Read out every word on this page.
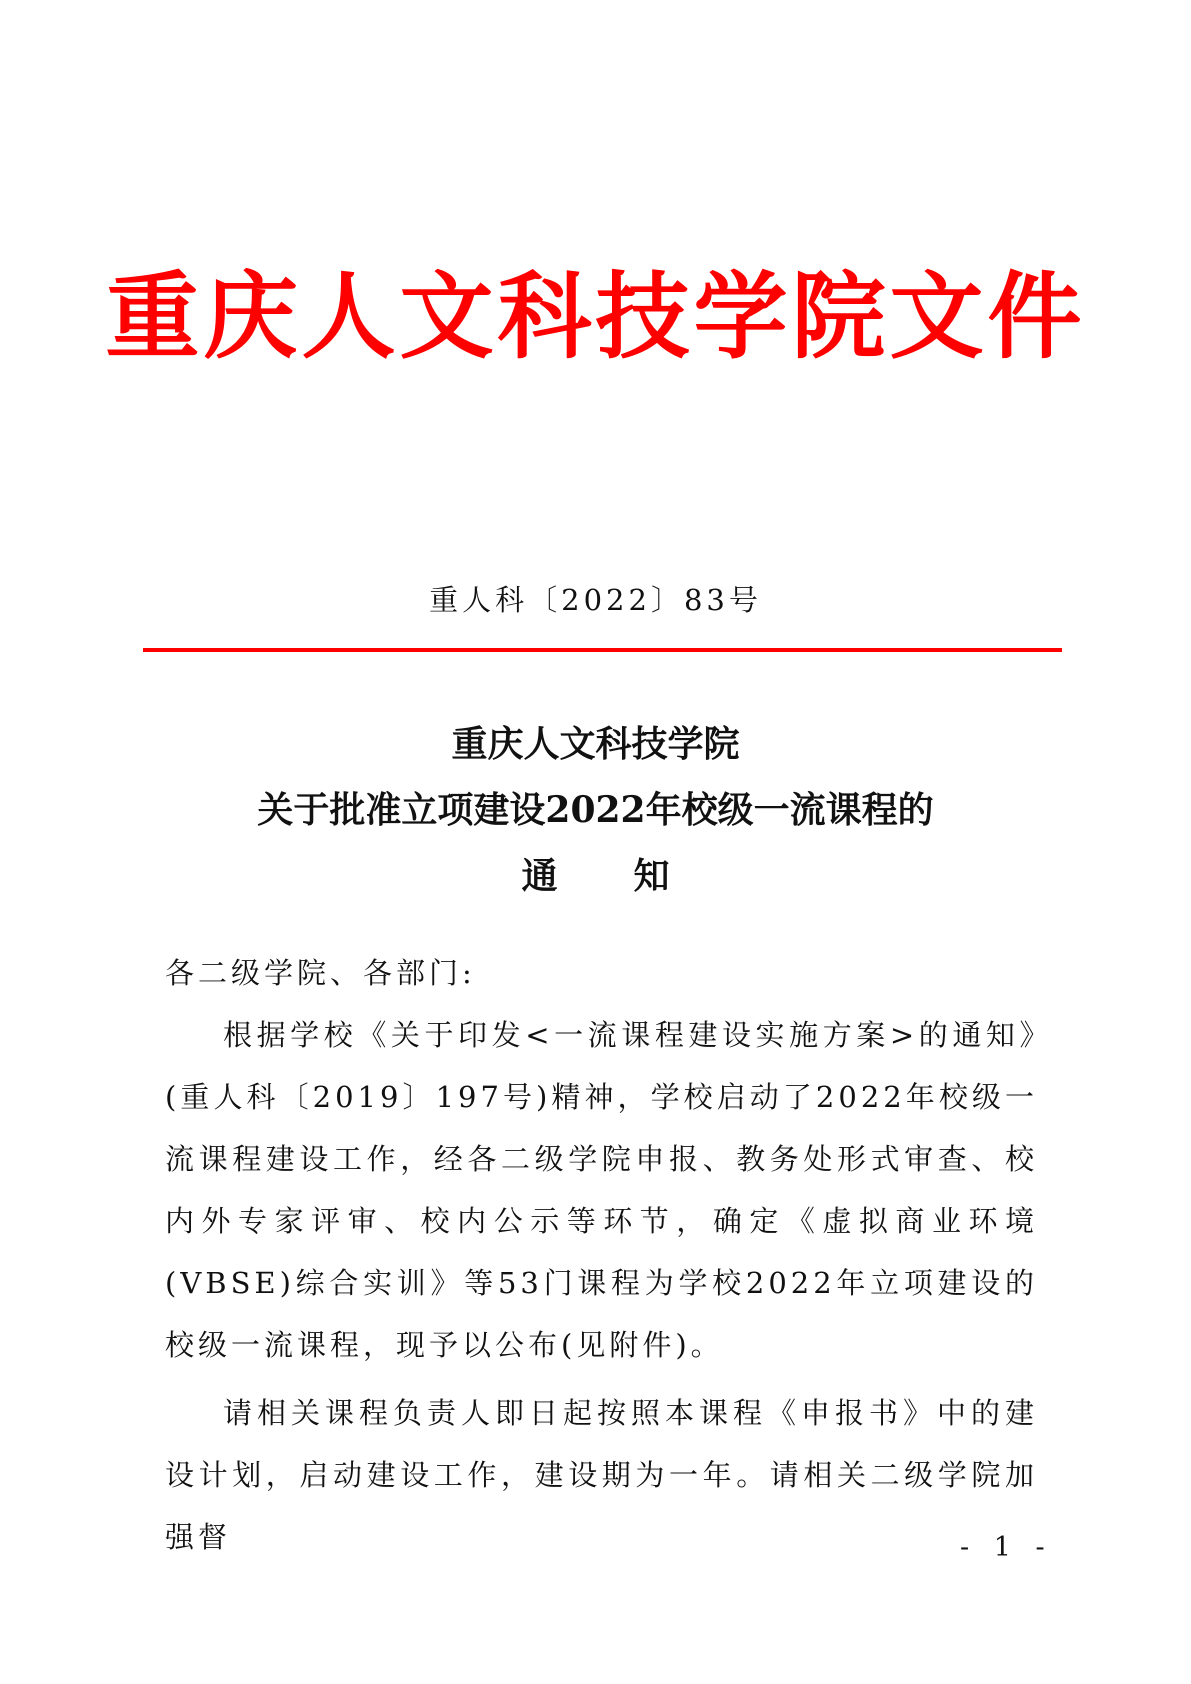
重庆人文科技学院文件
重人科〔2022〕83号
重庆人文科技学院
关于批准立项建设2022年校级一流课程的
通 知

各二级学院、各部门:

根据学校《关于印发<一流课程建设实施方案>的通知》(重人科〔2019〕197号)精神，学校启动了2022年校级一流课程建设工作，经各二级学院申报、教务处形式审查、校内外专家评审、校内公示等环节，确定《虚拟商业环境(VBSE)综合实训》等53门课程为学校2022年立项建设的校级一流课程，现予以公布(见附件)。

请相关课程负责人即日起按照本课程《申报书》中的建设计划，启动建设工作，建设期为一年。请相关二级学院加强督	- 1 -
